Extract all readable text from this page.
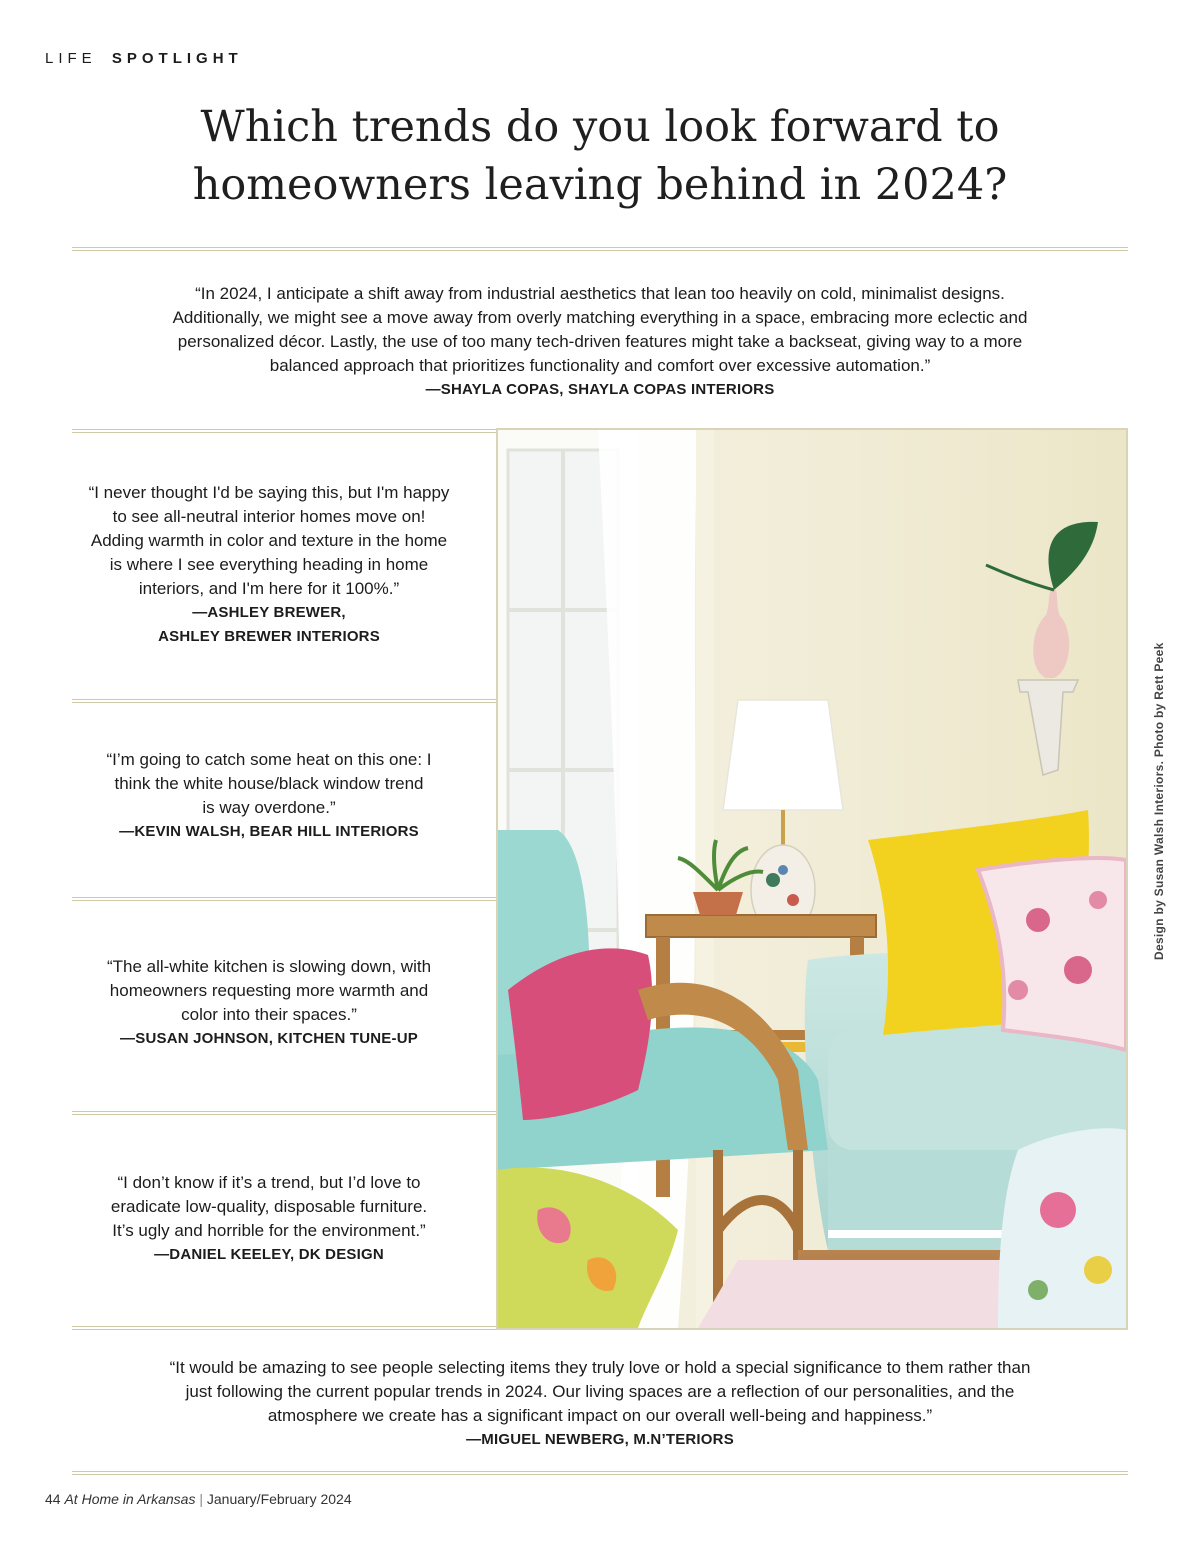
LIFE SPOTLIGHT
Which trends do you look forward to
homeowners leaving behind in 2024?
“In 2024, I anticipate a shift away from industrial aesthetics that lean too heavily on cold, minimalist designs.
Additionally, we might see a move away from overly matching everything in a space, embracing more eclectic and
personalized décor. Lastly, the use of too many tech-driven features might take a backseat, giving way to a more
balanced approach that prioritizes functionality and comfort over excessive automation.”
—SHAYLA COPAS, SHAYLA COPAS INTERIORS
“I never thought I'd be saying this, but I'm happy
to see all-neutral interior homes move on!
Adding warmth in color and texture in the home
is where I see everything heading in home
interiors, and I'm here for it 100%.”
—ASHLEY BREWER,
ASHLEY BREWER INTERIORS
“I’m going to catch some heat on this one: I
think the white house/black window trend
is way overdone.”
—KEVIN WALSH, BEAR HILL INTERIORS
“The all-white kitchen is slowing down, with
homeowners requesting more warmth and
color into their spaces.”
—SUSAN JOHNSON, KITCHEN TUNE-UP
“I don’t know if it’s a trend, but I’d love to
eradicate low-quality, disposable furniture.
It’s ugly and horrible for the environment.”
—DANIEL KEELEY, DK DESIGN
“It would be amazing to see people selecting items they truly love or hold a special significance to them rather than
just following the current popular trends in 2024. Our living spaces are a reflection of our personalities, and the
atmosphere we create has a significant impact on our overall well-being and happiness.”
—MIGUEL NEWBERG, M.N’TERIORS
Design by Susan Walsh Interiors. Photo by Rett Peek
44 At Home in Arkansas | January/February 2024
